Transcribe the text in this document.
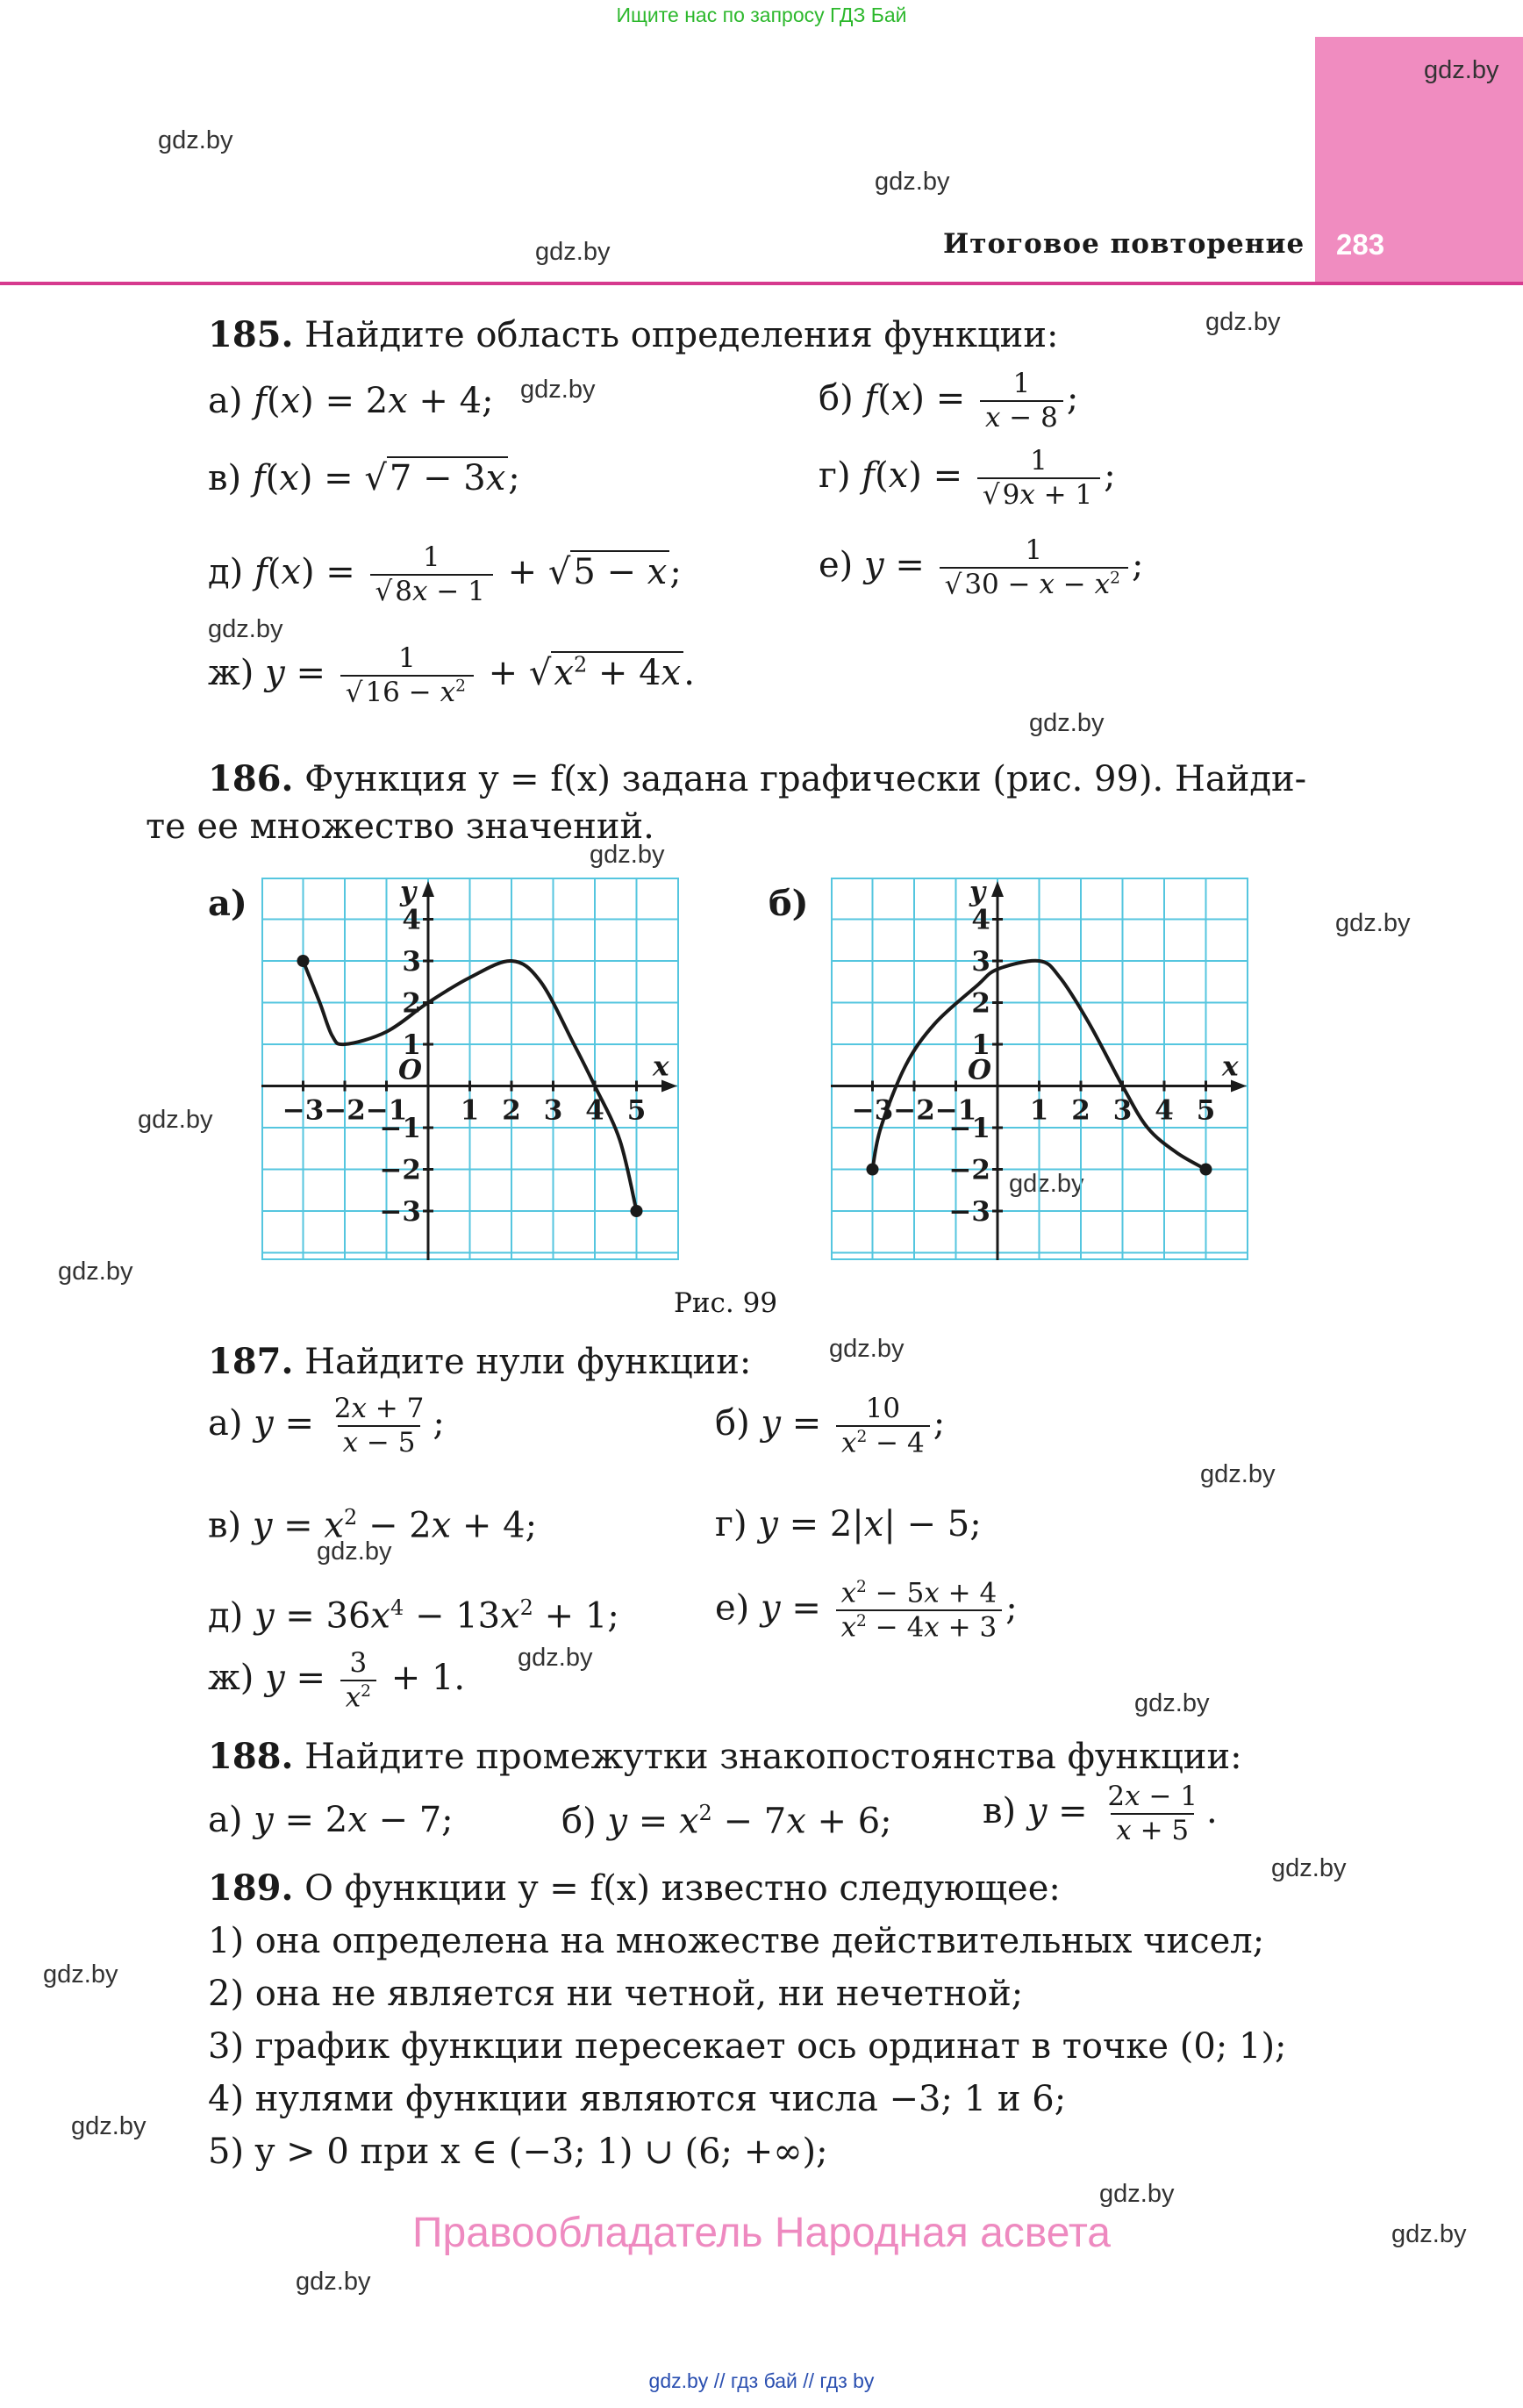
Ищите нас по запросу ГДЗ Бай
283
Итоговое повторение
gdz.by
gdz.by
gdz.by
gdz.by
gdz.by
gdz.by
gdz.by
gdz.by
gdz.by
gdz.by
gdz.by
gdz.by
gdz.by
gdz.by
gdz.by
gdz.by
gdz.by
gdz.by
gdz.by
gdz.by
gdz.by
gdz.by
gdz.by
gdz.by
185. Найдите область определения функции:
а) f(x) = 2x + 4;	б) $f(x) = \frac{1}{x - 8}$ ;
в) f(x) = √7 − 3x;	г) $f(x) = \frac{1}{√9x + 1}$ ;
д) $f(x) = \frac{1}{√8x - 1} + √5 - x$;	е) $y = \frac{1}{√30 - x - x^2}$ ;
ж) $y = \frac{1}{√16 - x^2} + √x^2 + 4x$.
186. Функция y = f(x) задана графически (рис. 99). Найди-
те ее множество значений.
а)	б)
x
y
O
−3 −2 −1 1 2 3 4 5
4
3
2
1
−1
−2
−3
x
y
O
−3 −2 −1 1 2 3 4 5
4
3
2
1
−1
−2
−3
Рис. 99
187. Найдите нули функции:
а) $y = \frac{2x + 7}{x - 5}$ ;	б) $y = \frac{10}{x^2 - 4}$ ;
в) $y = x^2 - 2x + 4$;	г) y = 2|x| − 5;
д) $y = 36x^4 - 13x^2 + 1$;	е) $y = \frac{x^2 - 5x + 4}{x^2 - 4x + 3}$ ;
ж) $y = \frac{3}{x^2} + 1$.
188. Найдите промежутки знакопостоянства функции:
а) y = 2x − 7;	б) $y = x^2 - 7x + 6$;	в) $y = \frac{2x - 1}{x + 5}$ .
189. О функции y = f(x) известно следующее:
1) она определена на множестве действительных чисел;
2) она не является ни четной, ни нечетной;
3) график функции пересекает ось ординат в точке (0; 1);
4) нулями функции являются числа −3; 1 и 6;
5) y > 0 при x ∈ (−3; 1) ∪ (6; +∞);
Правообладатель Народная асвета
gdz.by // гдз бай // гдз by
